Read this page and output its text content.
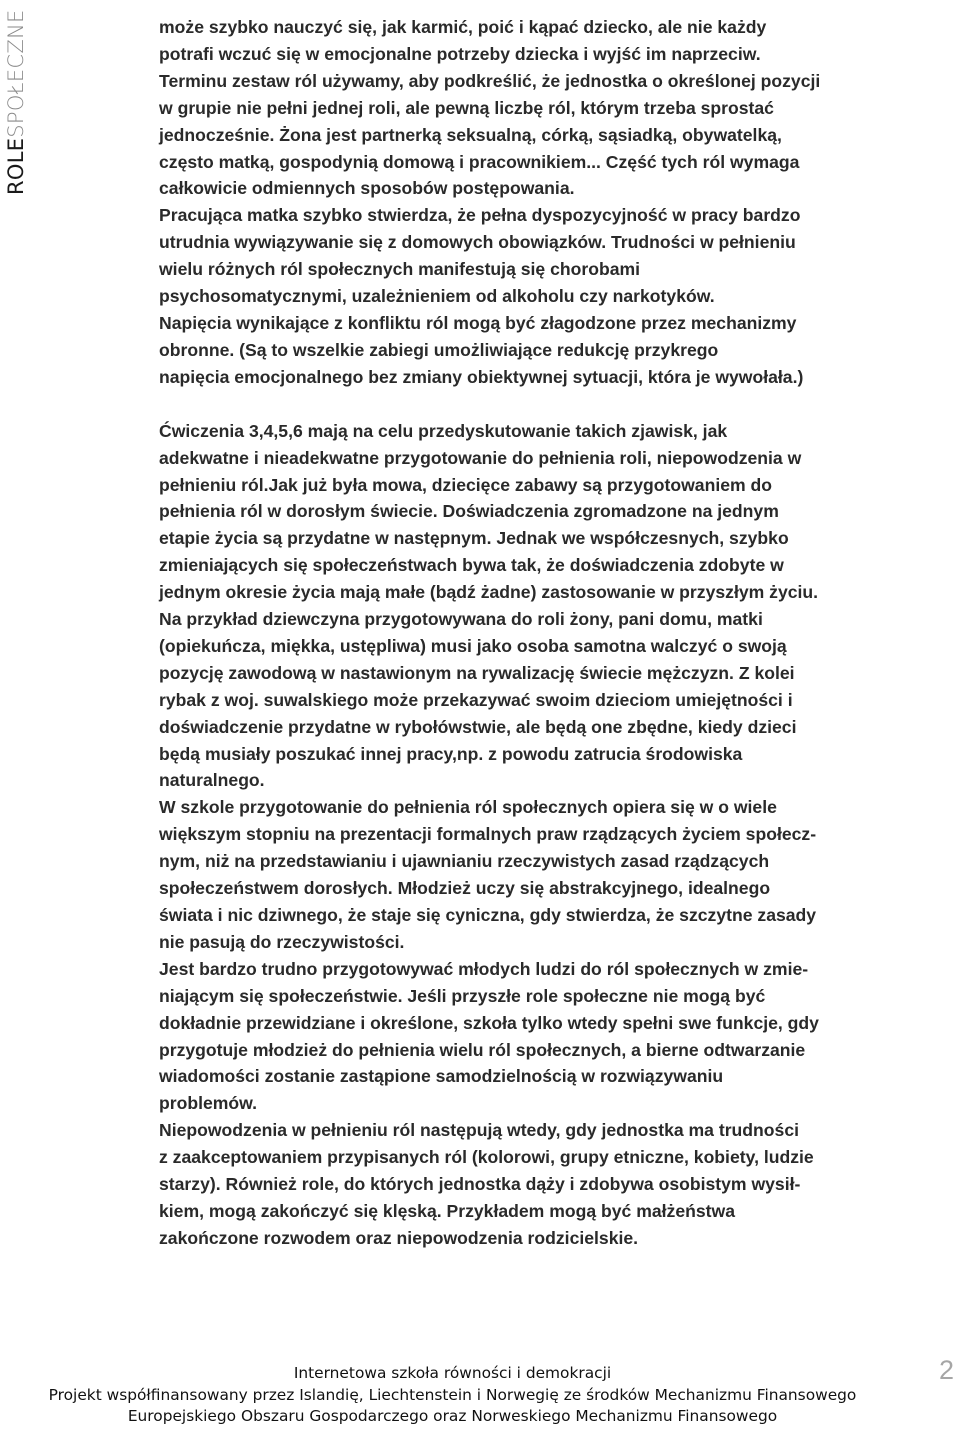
ROLESPOŁECZNE	może szybko nauczyć się, jak karmić, poić i kąpać dziecko, ale nie każdy
potrafi wczuć się w emocjonalne potrzeby dziecka i wyjść im naprzeciw.
Terminu zestaw ról używamy, aby podkreślić, że jednostka o określonej pozycji
w grupie nie pełni jednej roli, ale pewną liczbę ról, którym trzeba sprostać
jednocześnie. Żona jest partnerką seksualną, córką, sąsiadką, obywatelką,
często matką, gospodynią domową i pracownikiem... Część tych ról wymaga
całkowicie odmiennych sposobów postępowania.
Pracująca matka szybko stwierdza, że pełna dyspozycyjność w pracy bardzo
utrudnia wywiązywanie się z domowych obowiązków. Trudności w pełnieniu
wielu różnych ról społecznych manifestują się chorobami
psychosomatycznymi, uzależnieniem od alkoholu czy narkotyków.
Napięcia wynikające z konfliktu ról mogą być złagodzone przez mechanizmy
obronne. (Są to wszelkie zabiegi umożliwiające redukcję przykrego
napięcia emocjonalnego bez zmiany obiektywnej sytuacji, która je wywołała.)
Ćwiczenia 3,4,5,6 mają na celu przedyskutowanie takich zjawisk, jak
adekwatne i nieadekwatne przygotowanie do pełnienia roli, niepowodzenia w
pełnieniu ról.Jak już była mowa, dziecięce zabawy są przygotowaniem do
pełnienia ról w dorosłym świecie. Doświadczenia zgromadzone na jednym
etapie życia są przydatne w następnym. Jednak we współczesnych, szybko
zmieniających się społeczeństwach bywa tak, że doświadczenia zdobyte w
jednym okresie życia mają małe (bądź żadne) zastosowanie w przyszłym życiu.
Na przykład dziewczyna przygotowywana do roli żony, pani domu, matki
(opiekuńcza, miękka, ustępliwa) musi jako osoba samotna walczyć o swoją
pozycję zawodową w nastawionym na rywalizację świecie mężczyzn. Z kolei
rybak z woj. suwalskiego może przekazywać swoim dzieciom umiejętności i
doświadczenie przydatne w rybołówstwie, ale będą one zbędne, kiedy dzieci
będą musiały poszukać innej pracy,np. z powodu zatrucia środowiska
naturalnego.
W szkole przygotowanie do pełnienia ról społecznych opiera się w o wiele
większym stopniu na prezentacji formalnych praw rządzących życiem społecz-
nym, niż na przedstawianiu i ujawnianiu rzeczywistych zasad rządzących
społeczeństwem dorosłych. Młodzież uczy się abstrakcyjnego, idealnego
świata i nic dziwnego, że staje się cyniczna, gdy stwierdza, że szczytne zasady
nie pasują do rzeczywistości.
Jest bardzo trudno przygotowywać młodych ludzi do ról społecznych w zmie-
niającym się społeczeństwie. Jeśli przyszłe role społeczne nie mogą być
dokładnie przewidziane i określone, szkoła tylko wtedy spełni swe funkcje, gdy
przygotuje młodzież do pełnienia wielu ról społecznych, a bierne odtwarzanie
wiadomości zostanie zastąpione samodzielnością w rozwiązywaniu
problemów.
Niepowodzenia w pełnieniu ról następują wtedy, gdy jednostka ma trudności
z zaakceptowaniem przypisanych ról (kolorowi, grupy etniczne, kobiety, ludzie
starzy). Również role, do których jednostka dąży i zdobywa osobistym wysił-
kiem, mogą zakończyć się klęską. Przykładem mogą być małżeństwa
zakończone rozwodem oraz niepowodzenia rodzicielskie.
Internetowa szkoła równości i demokracji
Projekt współfinansowany przez Islandię, Liechtenstein i Norwegię ze środków Mechanizmu Finansowego
Europejskiego Obszaru Gospodarczego oraz Norweskiego Mechanizmu Finansowego
2
